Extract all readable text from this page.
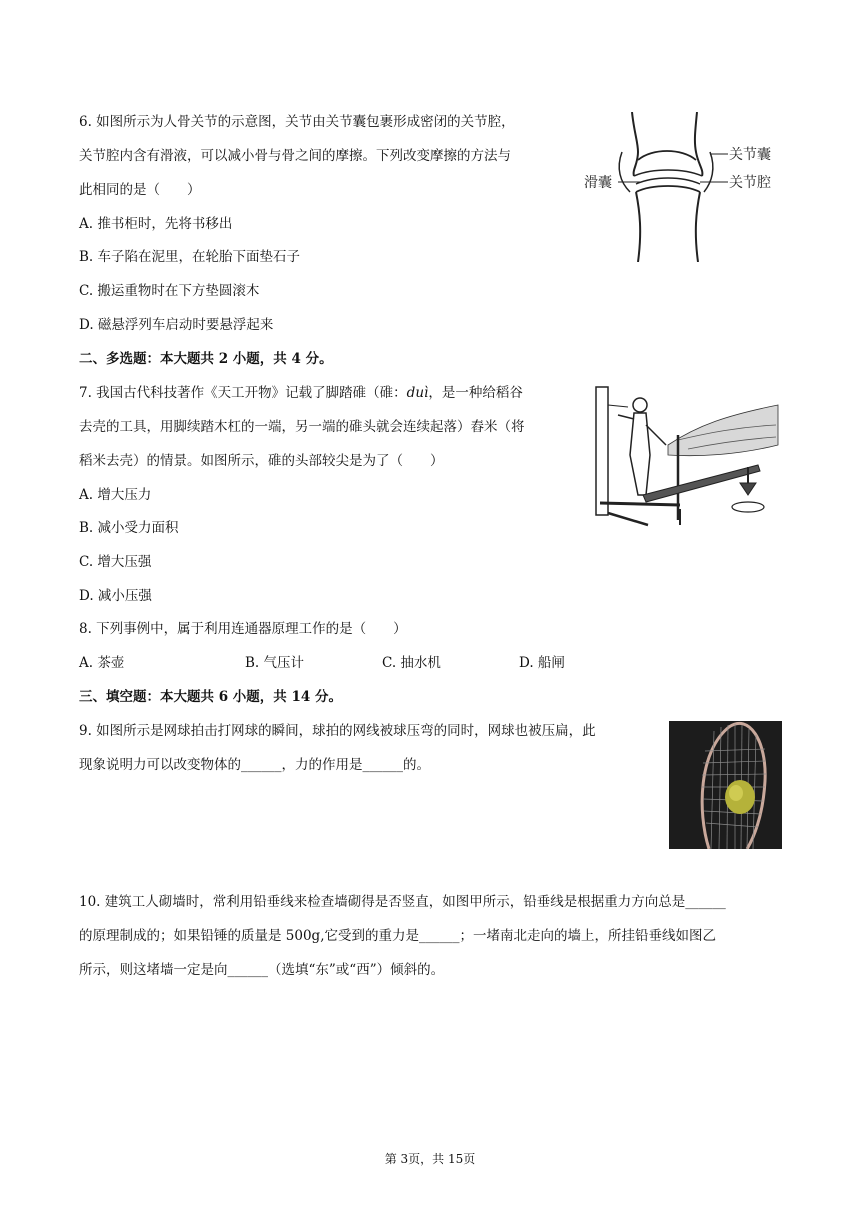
6. 如图所示为人骨关节的示意图，关节由关节囊包裹形成密闭的关节腔，
关节腔内含有滑液，可以减小骨与骨之间的摩擦。下列改变摩擦的方法与
此相同的是（　　）
A. 推书柜时，先将书移出
B. 车子陷在泥里，在轮胎下面垫石子
C. 搬运重物时在下方垫圆滚木
D. 磁悬浮列车启动时要悬浮起来
关节囊
关节腔
滑囊
二、多选题：本大题共 2 小题，共 4 分。
7. 我国古代科技著作《天工开物》记载了脚踏碓（碓：duì，是一种给稻谷
去壳的工具，用脚续踏木杠的一端，另一端的碓头就会连续起落）舂米（将
稻米去壳）的情景。如图所示，碓的头部较尖是为了（　　）
A. 增大压力
B. 减小受力面积
C. 增大压强
D. 减小压强
8. 下列事例中，属于利用连通器原理工作的是（　　）
A. 茶壶	B. 气压计	C. 抽水机	D. 船闸
三、填空题：本大题共 6 小题，共 14 分。
9. 如图所示是网球拍击打网球的瞬间，球拍的网线被球压弯的同时，网球也被压扁，此
现象说明力可以改变物体的______，力的作用是______的。
10. 建筑工人砌墙时，常利用铅垂线来检查墙砌得是否竖直，如图甲所示，铅垂线是根据重力方向总是______
的原理制成的；如果铅锤的质量是 500g,它受到的重力是______；一堵南北走向的墙上，所挂铅垂线如图乙
所示，则这堵墙一定是向______（选填“东”或“西”）倾斜的。
第 3页，共 15页
